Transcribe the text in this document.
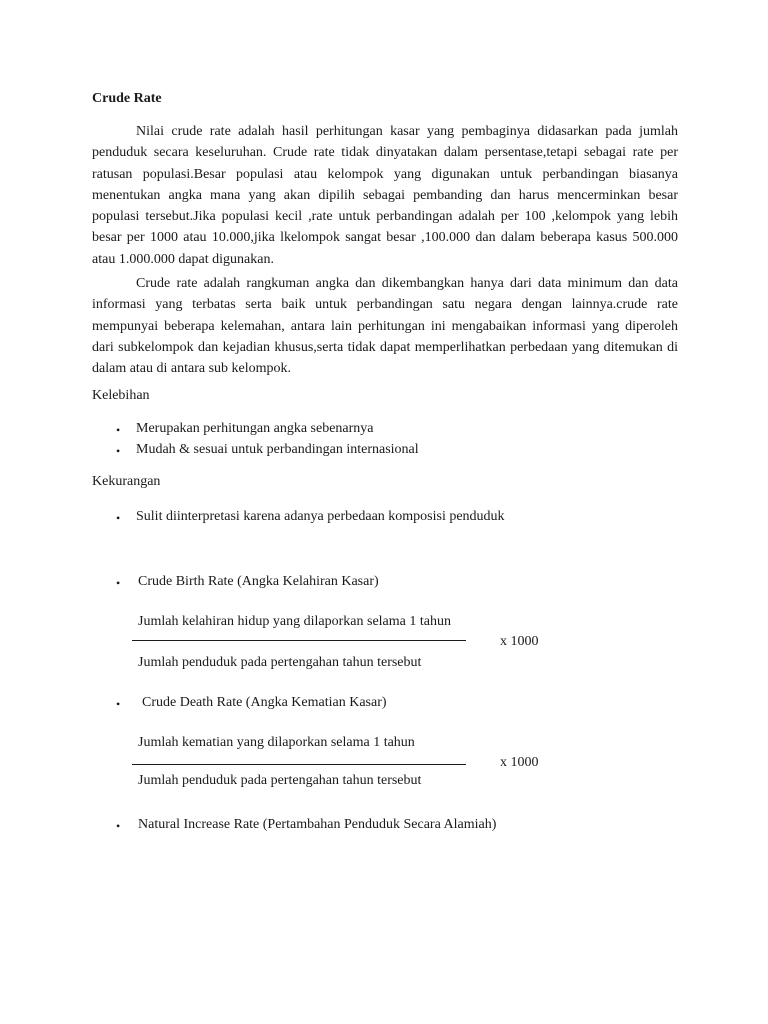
Crude Rate
Nilai crude rate adalah hasil perhitungan kasar yang pembaginya didasarkan pada jumlah penduduk secara keseluruhan. Crude rate tidak dinyatakan dalam persentase,tetapi sebagai rate per ratusan populasi.Besar populasi atau kelompok yang digunakan untuk perbandingan biasanya menentukan angka mana yang akan dipilih sebagai pembanding dan harus mencerminkan besar populasi tersebut.Jika populasi kecil ,rate untuk perbandingan adalah per 100 ,kelompok yang lebih besar per 1000 atau 10.000,jika lkelompok sangat besar ,100.000 dan dalam beberapa kasus 500.000 atau 1.000.000 dapat digunakan.
Crude rate adalah rangkuman angka dan dikembangkan hanya dari data minimum dan data informasi yang terbatas serta baik untuk perbandingan satu negara dengan lainnya.crude rate mempunyai beberapa kelemahan, antara lain perhitungan ini mengabaikan informasi yang diperoleh dari subkelompok dan kejadian khusus,serta tidak dapat memperlihatkan perbedaan yang ditemukan di dalam atau di antara sub kelompok.
Kelebihan
• Merupakan perhitungan angka sebenarnya
• Mudah & sesuai untuk perbandingan internasional
Kekurangan
• Sulit diinterpretasi karena adanya perbedaan komposisi penduduk
• Crude Birth Rate (Angka Kelahiran Kasar)
Jumlah kelahiran hidup yang dilaporkan selama 1 tahun
x 1000
Jumlah penduduk pada pertengahan tahun tersebut
• Crude Death Rate (Angka Kematian Kasar)
Jumlah kematian yang dilaporkan selama 1 tahun
x 1000
Jumlah penduduk pada pertengahan tahun tersebut
• Natural Increase Rate (Pertambahan Penduduk Secara Alamiah)
